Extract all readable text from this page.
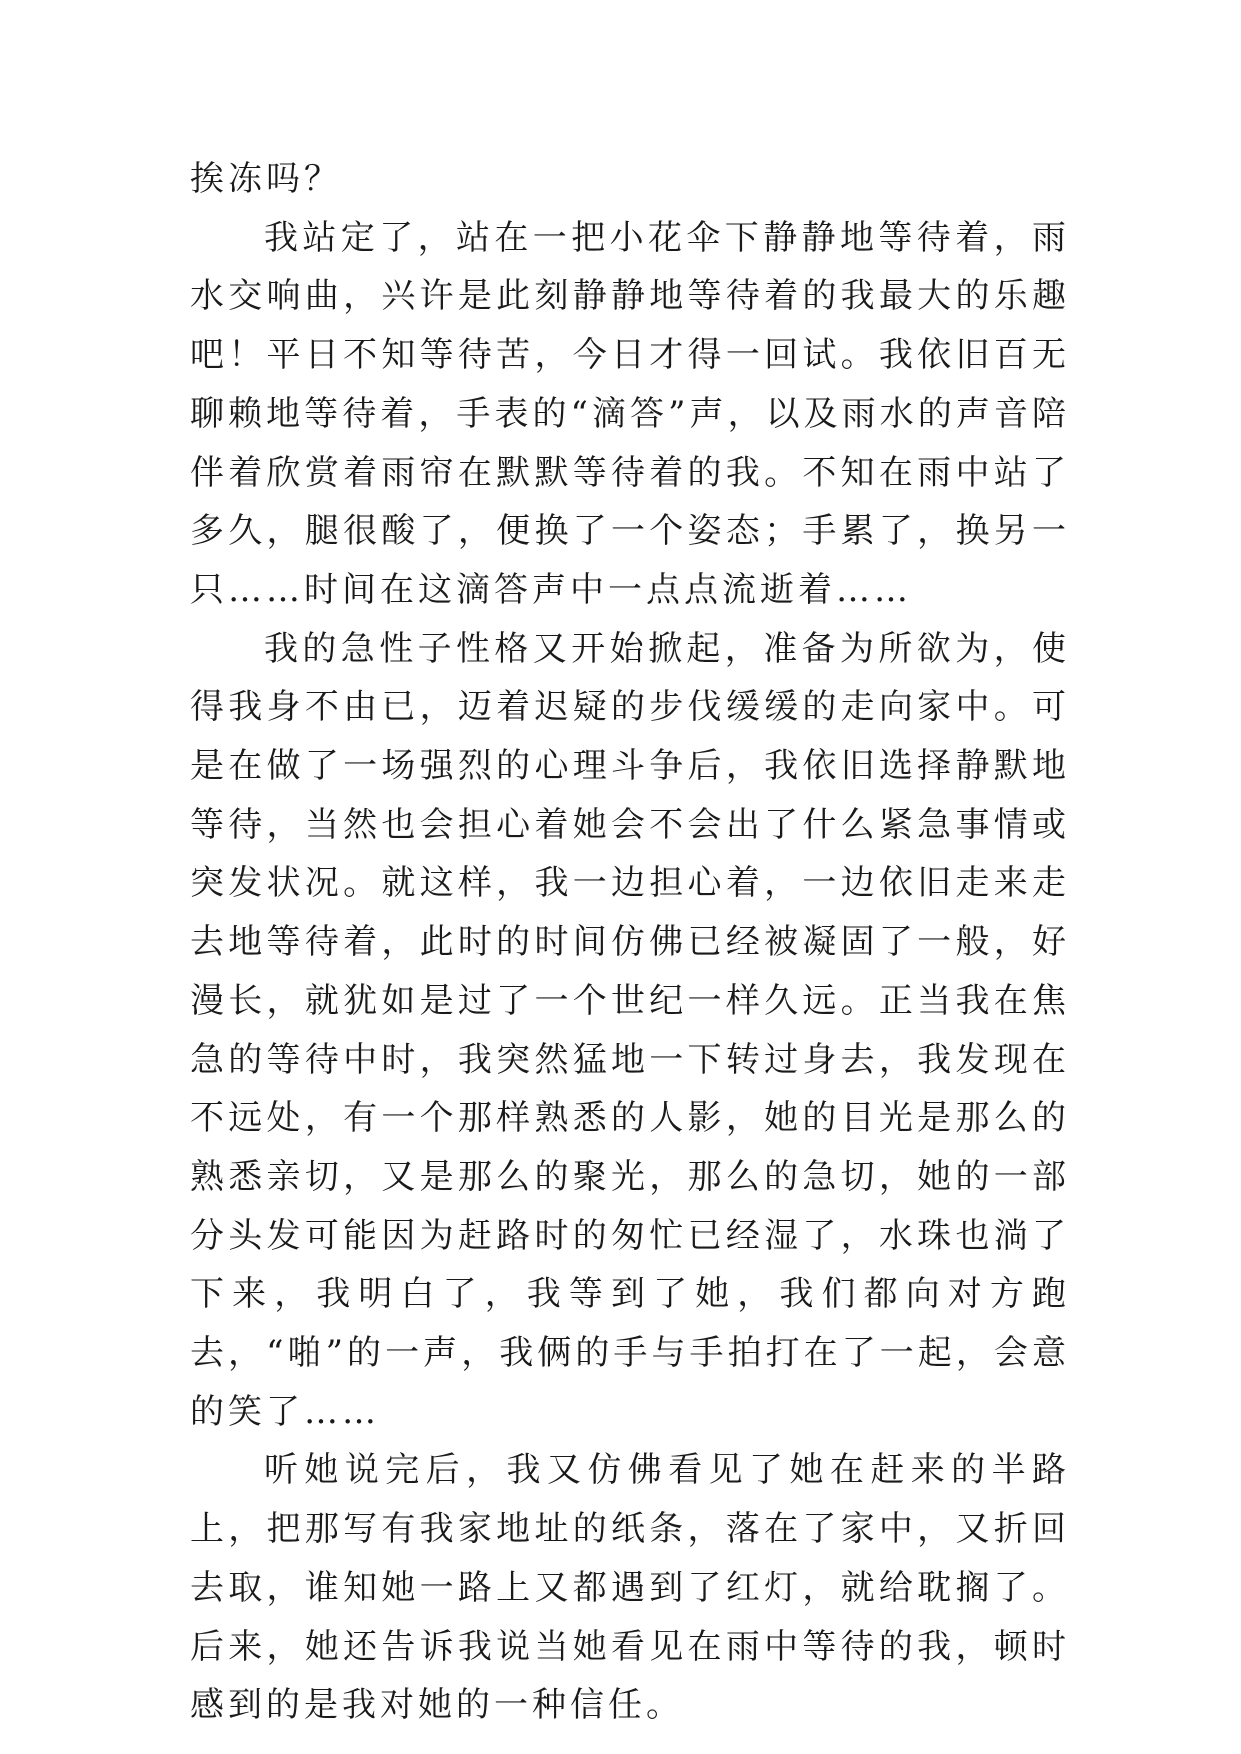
挨冻吗？

我站定了，站在一把小花伞下静静地等待着，雨水交响曲，兴许是此刻静静地等待着的我最大的乐趣吧！平日不知等待苦，今日才得一回试。我依旧百无聊赖地等待着，手表的“滴答”声，以及雨水的声音陪伴着欣赏着雨帘在默默等待着的我。不知在雨中站了多久，腿很酸了，便换了一个姿态；手累了，换另一只……时间在这滴答声中一点点流逝着……

我的急性子性格又开始掀起，准备为所欲为，使得我身不由已，迈着迟疑的步伐缓缓的走向家中。可是在做了一场强烈的心理斗争后，我依旧选择静默地等待，当然也会担心着她会不会出了什么紧急事情或突发状况。就这样，我一边担心着，一边依旧走来走去地等待着，此时的时间仿佛已经被凝固了一般，好漫长，就犹如是过了一个世纪一样久远。正当我在焦急的等待中时，我突然猛地一下转过身去，我发现在不远处，有一个那样熟悉的人影，她的目光是那么的熟悉亲切，又是那么的聚光，那么的急切，她的一部分头发可能因为赶路时的匆忙已经湿了，水珠也淌了下来，我明白了，我等到了她，我们都向对方跑去，“啪”的一声，我俩的手与手拍打在了一起，会意的笑了……

听她说完后，我又仿佛看见了她在赶来的半路上，把那写有我家地址的纸条，落在了家中，又折回去取，谁知她一路上又都遇到了红灯，就给耽搁了。后来，她还告诉我说当她看见在雨中等待的我，顿时感到的是我对她的一种信任。
